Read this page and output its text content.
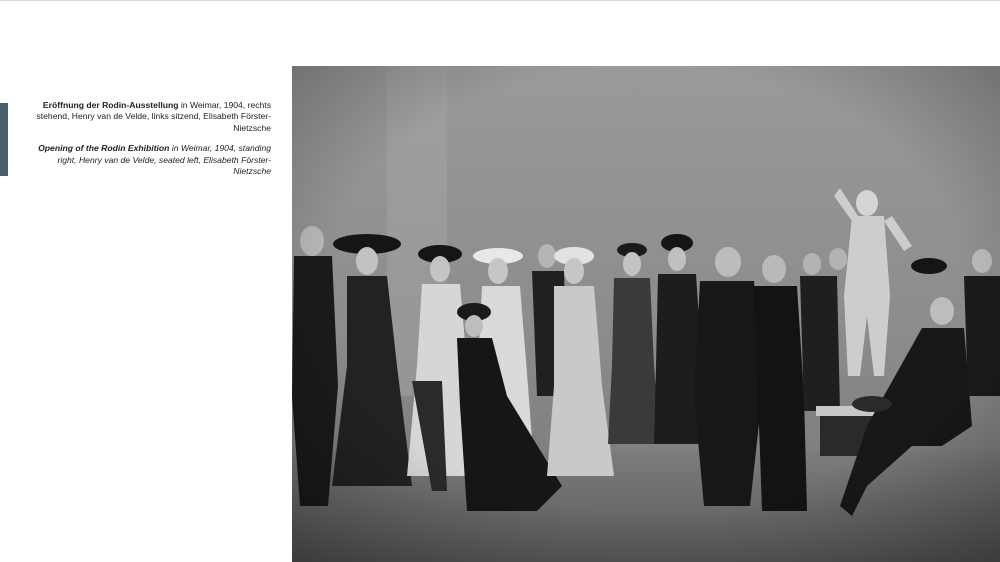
Eröffnung der Rodin-Ausstellung in Weimar, 1904, rechts stehend, Henry van de Velde, links sitzend, Elisabeth Förster-Nietzsche

Opening of the Rodin Exhibition in Weimar, 1904, standing right, Henry van de Velde, seated left, Elisabeth Förster-Nietzsche
